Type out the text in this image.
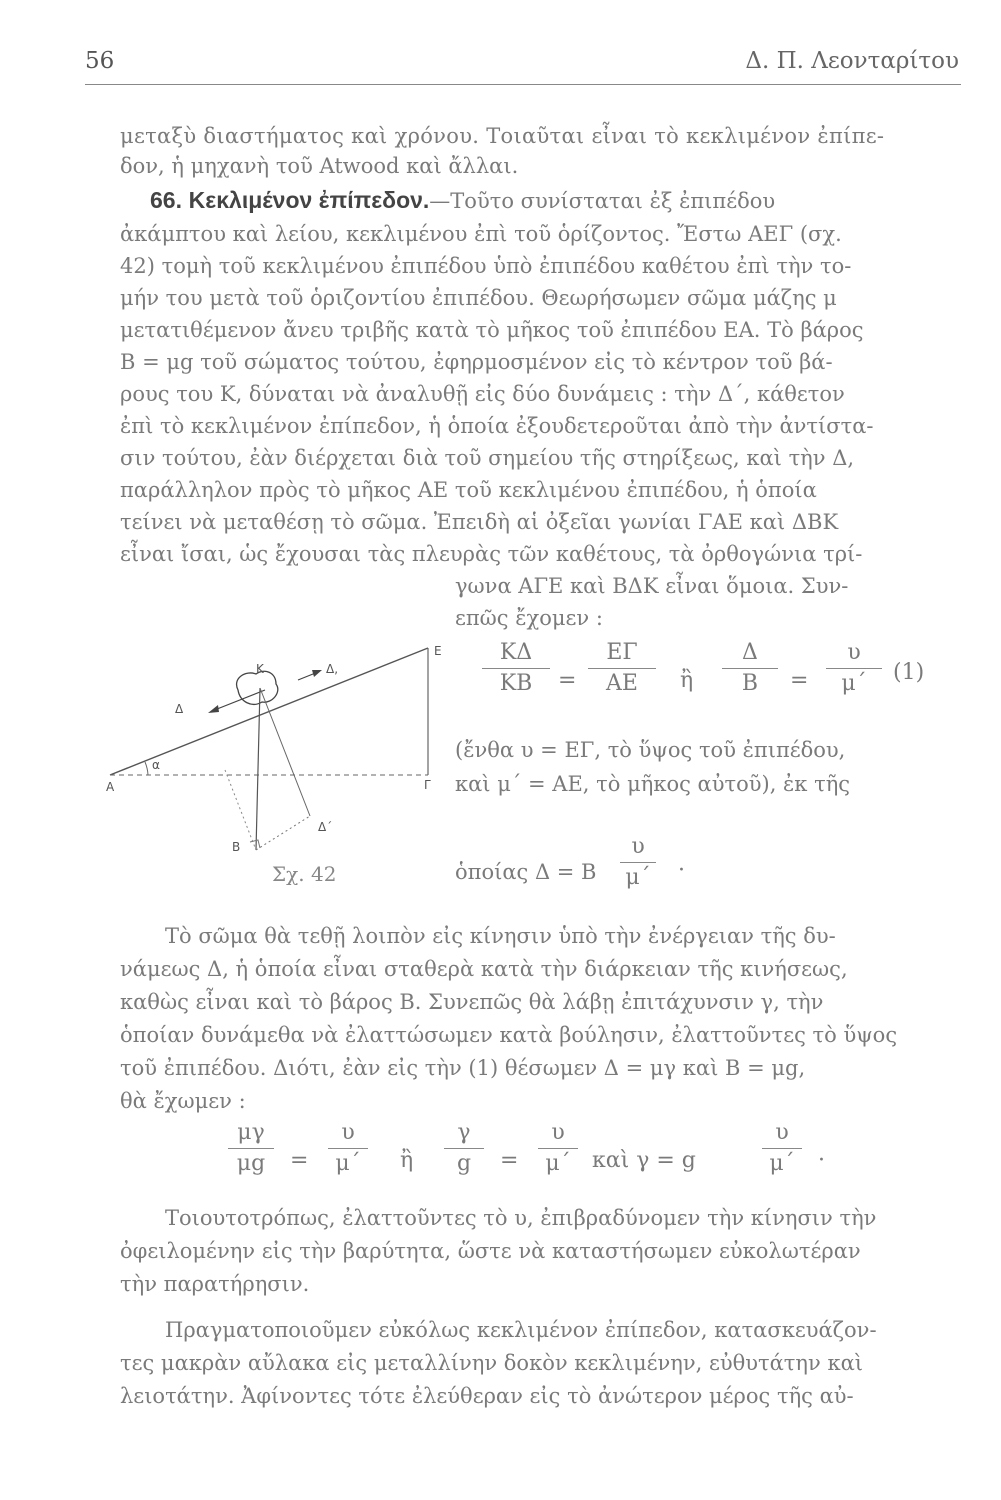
56	Δ. Π. Λεονταρίτου
μεταξὺ διαστήματος καὶ χρόνου. Τοιαῦται εἶναι τὸ κεκλιμένον ἐπίπε-
δον, ἡ μηχανὴ τοῦ Atwood καὶ ἄλλαι.
66. Κεκλιμένον ἐπίπεδον.—Τοῦτο συνίσταται ἐξ ἐπιπέδου
ἀκάμπτου καὶ λείου, κεκλιμένου ἐπὶ τοῦ ὁρίζοντος. Ἔστω ΑΕΓ (σχ.
42) τομὴ τοῦ κεκλιμένου ἐπιπέδου ὑπὸ ἐπιπέδου καθέτου ἐπὶ τὴν το-
μήν του μετὰ τοῦ ὁριζοντίου ἐπιπέδου. Θεωρήσωμεν σῶμα μάζης μ
μετατιθέμενον ἄνευ τριβῆς κατὰ τὸ μῆκος τοῦ ἐπιπέδου ΕΑ. Τὸ βάρος
Β = μg τοῦ σώματος τούτου, ἐφηρμοσμένον εἰς τὸ κέντρον τοῦ βά-
ρους του Κ, δύναται νὰ ἀναλυθῇ εἰς δύο δυνάμεις : τὴν Δ΄, κάθετον
ἐπὶ τὸ κεκλιμένον ἐπίπεδον, ἡ ὁποία ἐξουδετεροῦται ἀπὸ τὴν ἀντίστα-
σιν τούτου, ἐὰν διέρχεται διὰ τοῦ σημείου τῆς στηρίξεως, καὶ τὴν Δ,
παράλληλον πρὸς τὸ μῆκος ΑΕ τοῦ κεκλιμένου ἐπιπέδου, ἡ ὁποία
τείνει νὰ μεταθέσῃ τὸ σῶμα. Ἐπειδὴ αἱ ὀξεῖαι γωνίαι ΓΑΕ καὶ ΔΒΚ
εἶναι ἴσαι, ὡς ἔχουσαι τὰς πλευρὰς τῶν καθέτους, τὰ ὀρθογώνια τρί-
γωνα ΑΓΕ καὶ ΒΔΚ εἶναι ὅμοια. Συν-
επῶς ἔχομεν :
ΚΔ
ΚΒ	=
ΕΓ
ΑΕ	ἢ
Δ
Β	=
υ
μ΄	(1)
(ἔνθα υ = ΕΓ, τὸ ὕψος τοῦ ἐπιπέδου,
καὶ μ΄ = ΑΕ, τὸ μῆκος αὐτοῦ), ἐκ τῆς
ὁποίας Δ = Β
υ
μ΄ ·
E
K	Δ,
Δ
A
α
Γ
B
Δ΄
Σχ. 42
Τὸ σῶμα θὰ τεθῇ λοιπὸν εἰς κίνησιν ὑπὸ τὴν ἐνέργειαν τῆς δυ-
νάμεως Δ, ἡ ὁποία εἶναι σταθερὰ κατὰ τὴν διάρκειαν τῆς κινήσεως,
καθὼς εἶναι καὶ τὸ βάρος Β. Συνεπῶς θὰ λάβῃ ἐπιτάχυνσιν γ, τὴν
ὁποίαν δυνάμεθα νὰ ἐλαττώσωμεν κατὰ βούλησιν, ἐλαττοῦντες τὸ ὕψος
τοῦ ἐπιπέδου. Διότι, ἐὰν εἰς τὴν (1) θέσωμεν Δ = μγ καὶ Β = μg,
θὰ ἔχωμεν :
μγ
μg	=
υ
μ΄	ἢ
γ
g	=
υ
μ΄ καὶ γ = g
υ
μ΄	·
Τοιουτοτρόπως, ἐλαττοῦντες τὸ υ, ἐπιβραδύνομεν τὴν κίνησιν τὴν
ὀφειλομένην εἰς τὴν βαρύτητα, ὥστε νὰ καταστήσωμεν εὐκολωτέραν
τὴν παρατήρησιν.
Πραγματοποιοῦμεν εὐκόλως κεκλιμένον ἐπίπεδον, κατασκευάζον-
τες μακρὰν αὔλακα εἰς μεταλλίνην δοκὸν κεκλιμένην, εὐθυτάτην καὶ
λειοτάτην. Ἀφίνοντες τότε ἐλεύθεραν εἰς τὸ ἀνώτερον μέρος τῆς αὐ-
